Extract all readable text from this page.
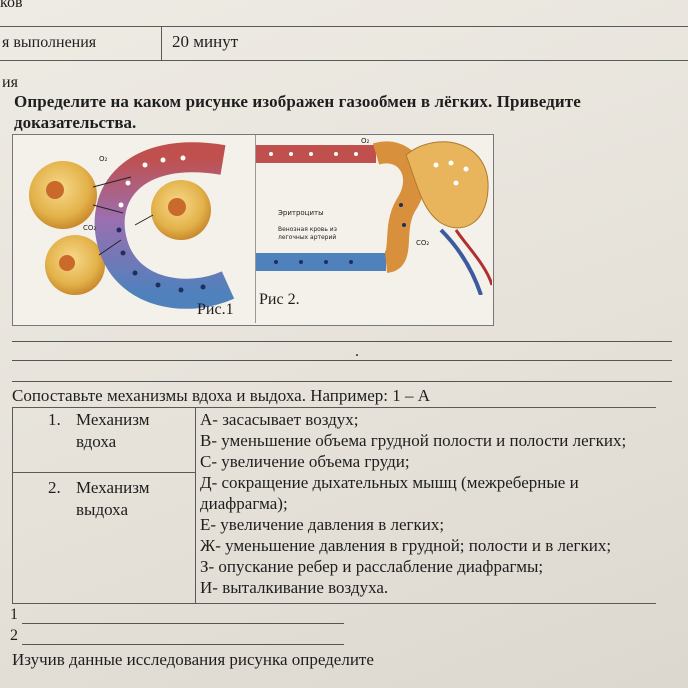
ков
я выполнения	20 минут
ия
Определите на каком рисунке изображен газообмен в лёгких. Приведите
доказательства.
O₂
CO₂
Рис.1
O₂
CO₂
Эритроциты
Венозная кровь из
легочных артерий
Рис 2.
.
Сопоставьте механизмы вдоха и выдоха. Например: 1 – А
1. Механизм
вдоха
2. Механизм
выдоха
А- засасывает воздух;
В- уменьшение объема грудной полости и полости легких;
С- увеличение объема груди;
Д- сокращение дыхательных мышц (межреберные и
диафрагма);
Е- увеличение давления в легких;
Ж- уменьшение давления в грудной; полости и в легких;
З- опускание ребер и расслабление диафрагмы;
И- выталкивание воздуха.
1
2
Изучив данные исследования рисунка определите
